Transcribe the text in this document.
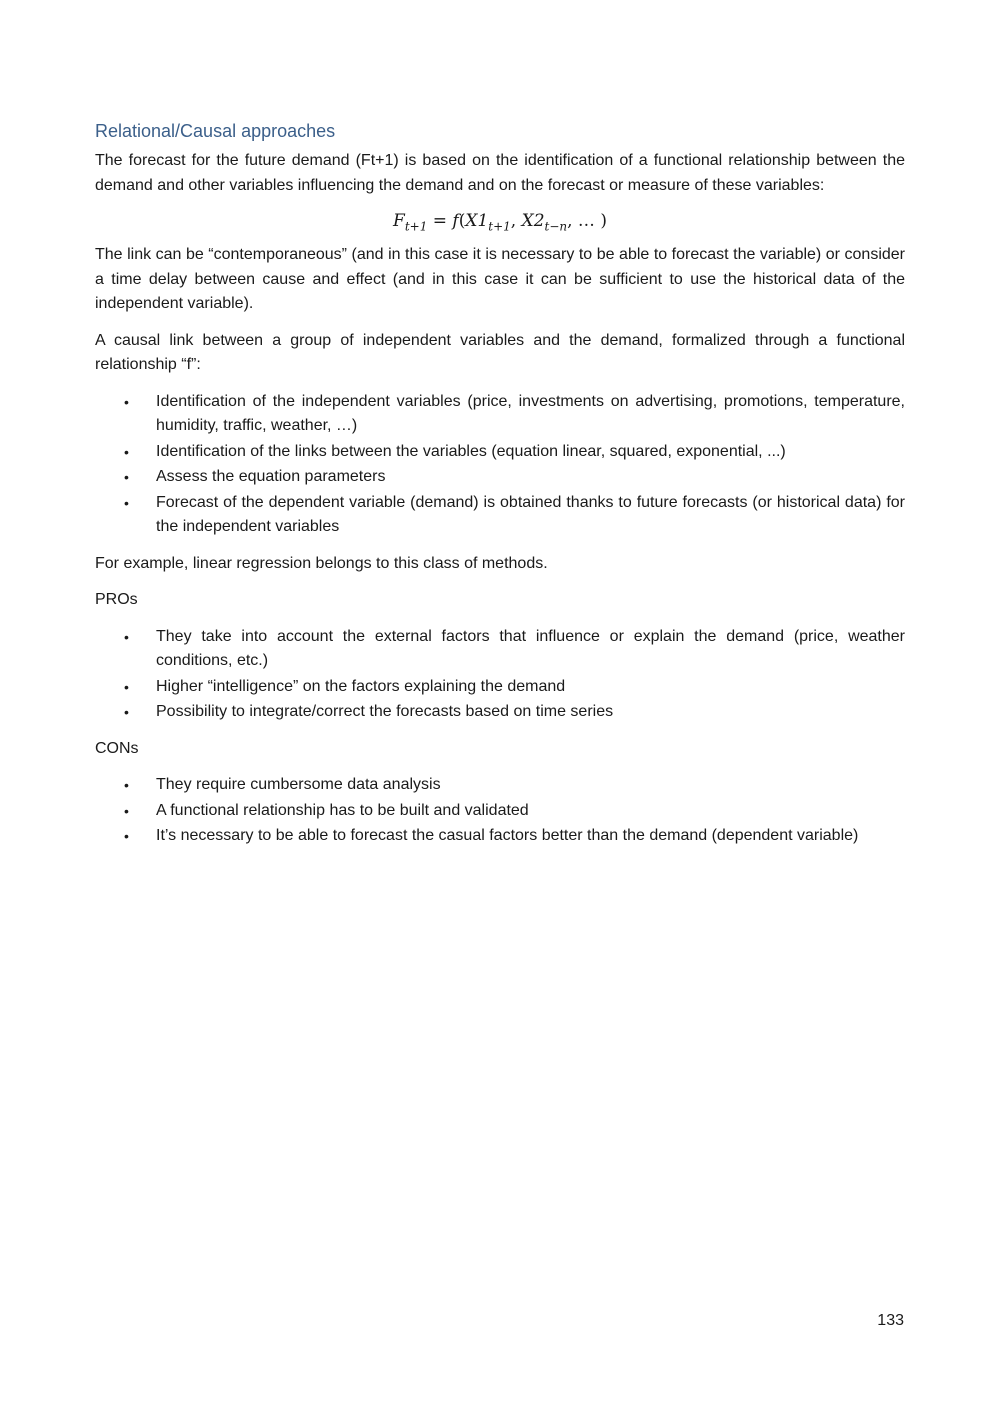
Relational/Causal approaches

The forecast for the future demand (Ft+1) is based on the identification of a functional relationship between the demand and other variables influencing the demand and on the forecast or measure of these variables:

$F_{t+1} = f(X1_{t+1}$, $X2_{t-n}$, … )

The link can be “contemporaneous” (and in this case it is necessary to be able to forecast the variable) or consider a time delay between cause and effect (and in this case it can be sufficient to use the historical data of the independent variable).

A causal link between a group of independent variables and the demand, formalized through a functional relationship “f”:

• Identification of the independent variables (price, investments on advertising, promotions, temperature, humidity, traffic, weather, …)
• Identification of the links between the variables (equation linear, squared, exponential, ...)
• Assess the equation parameters
• Forecast of the dependent variable (demand) is obtained thanks to future forecasts (or historical data) for the independent variables

For example, linear regression belongs to this class of methods.

PROs

• They take into account the external factors that influence or explain the demand (price, weather conditions, etc.)
• Higher “intelligence” on the factors explaining the demand
• Possibility to integrate/correct the forecasts based on time series

CONs

• They require cumbersome data analysis
• A functional relationship has to be built and validated
• It’s necessary to be able to forecast the casual factors better than the demand (dependent variable)
133
